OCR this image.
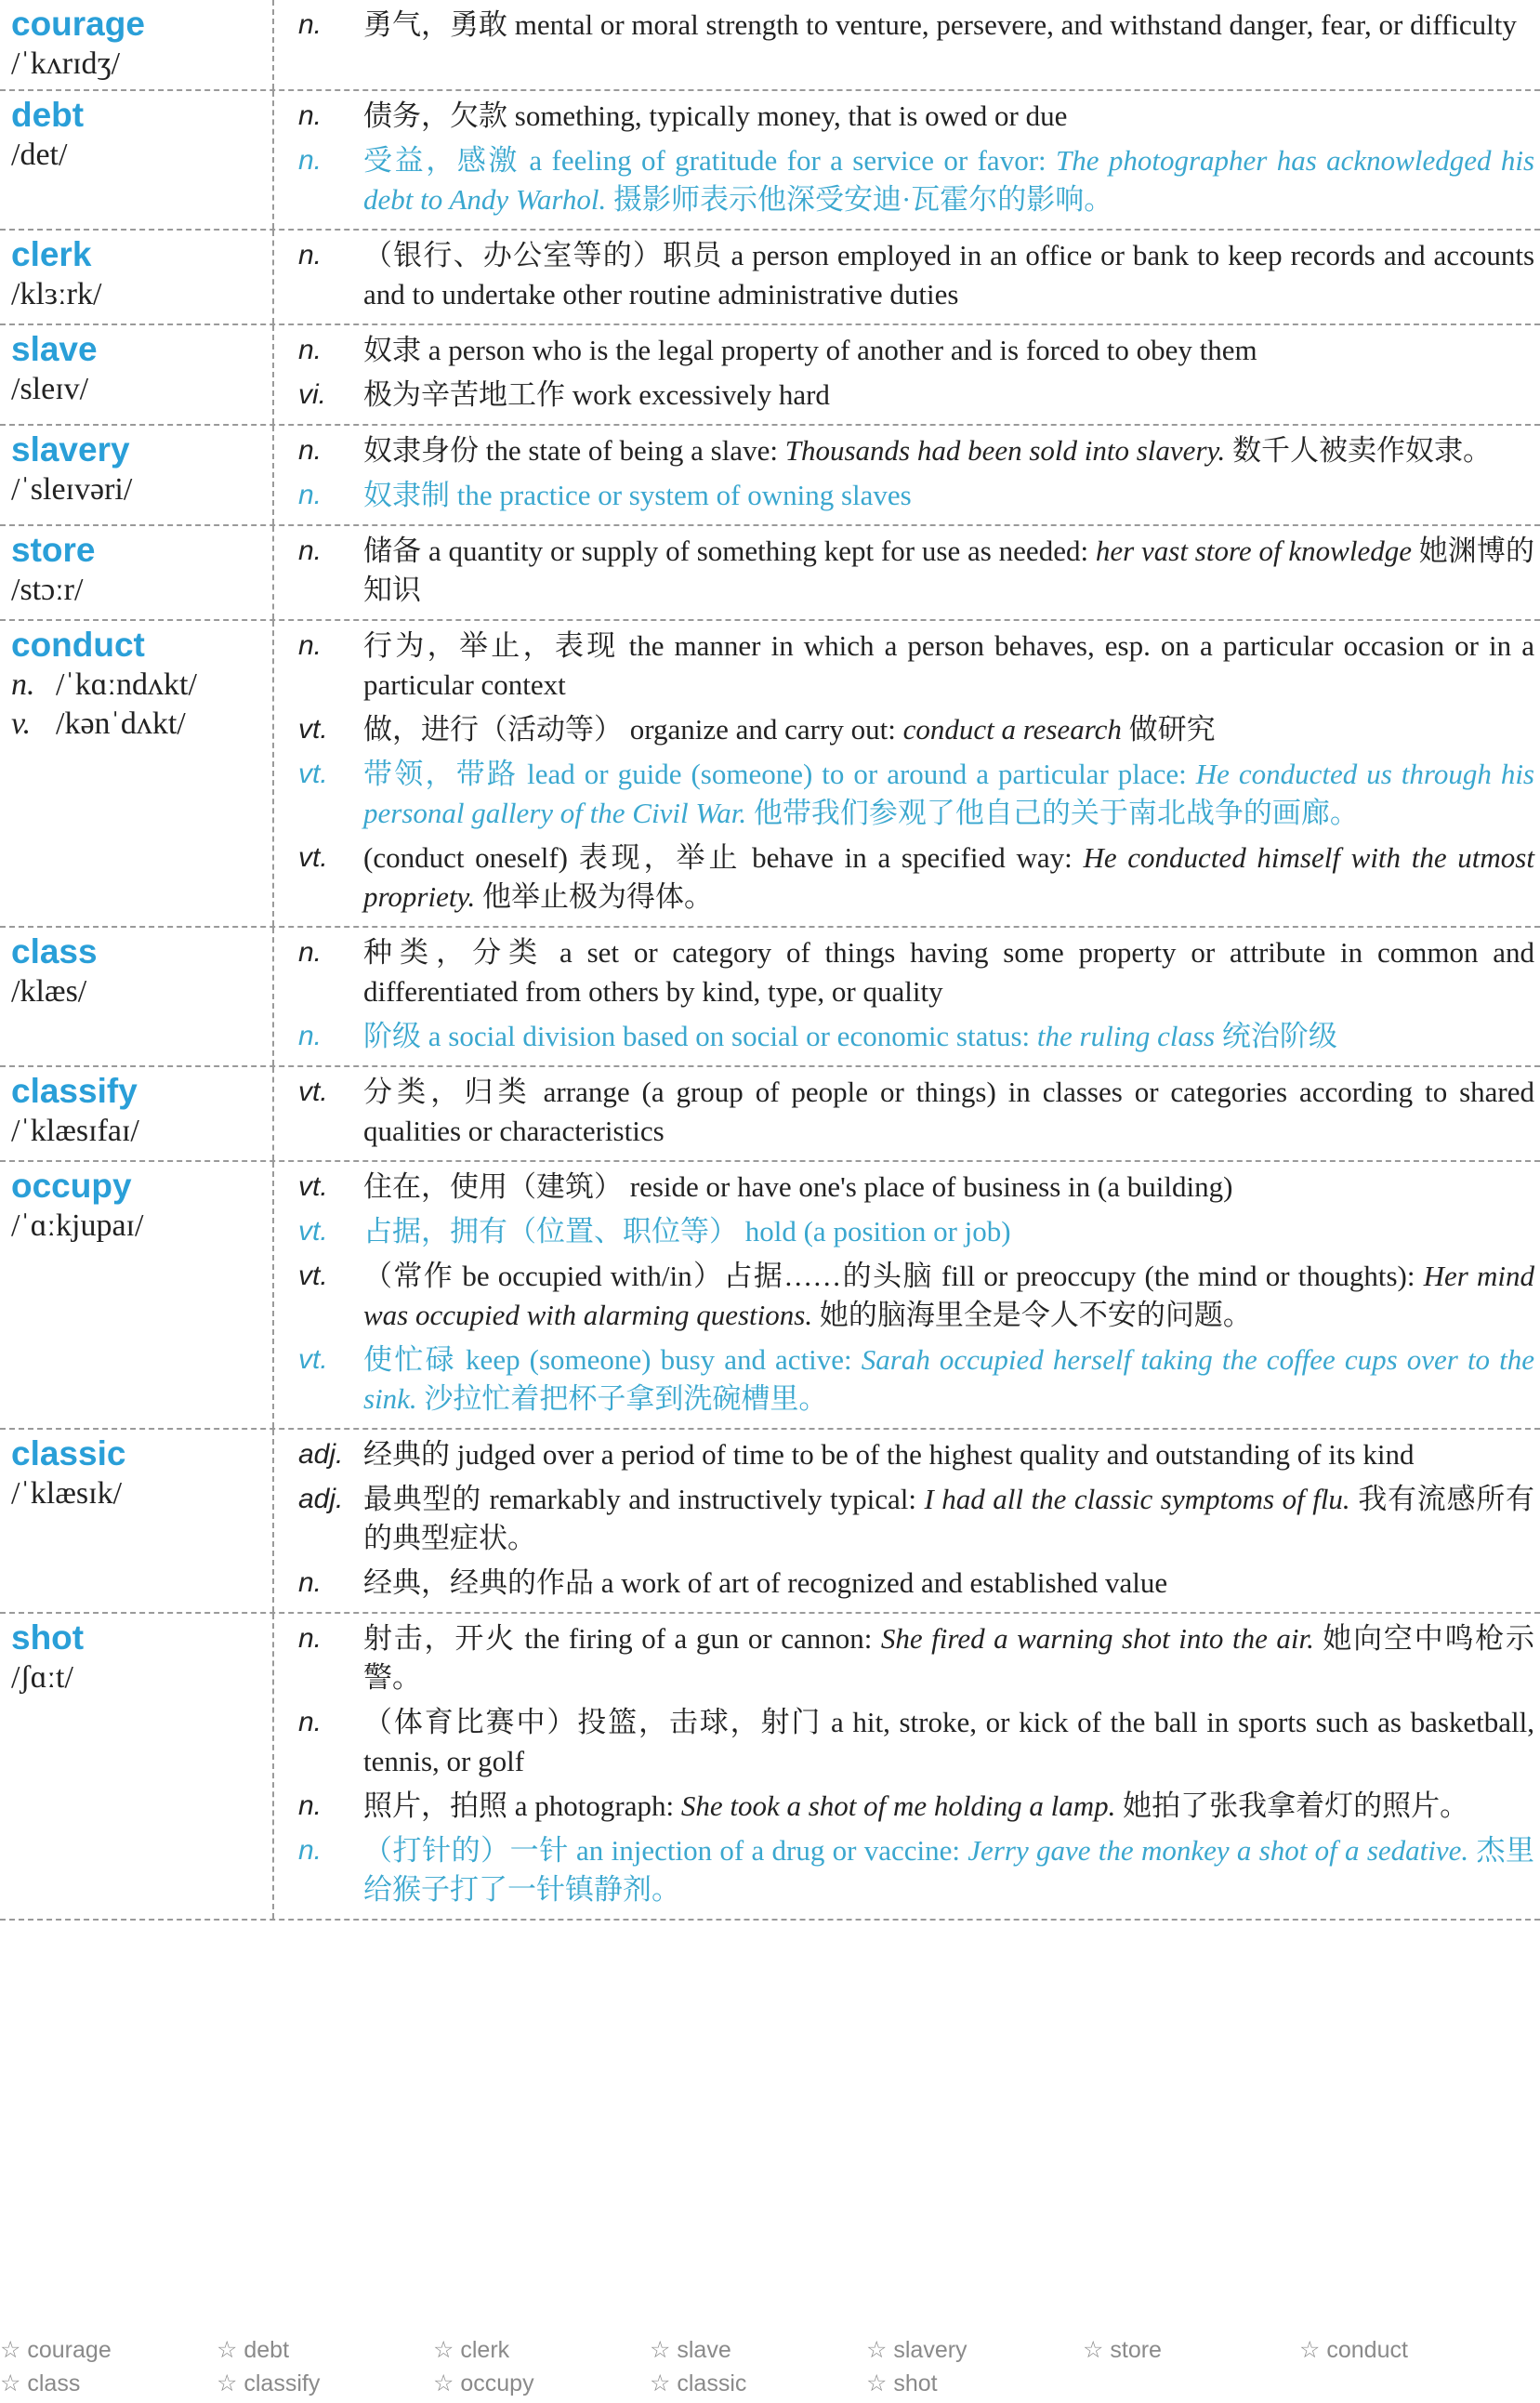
courage
/ˈkʌrɪdʒ/
n.	勇气，勇敢 mental or moral strength to venture, persevere, and withstand danger, fear, or difficulty
debt
/det/
n.	债务，欠款 something, typically money, that is owed or due
n.	受益，感激 a feeling of gratitude for a service or favor: The photographer has acknowledged his debt to Andy Warhol. 摄影师表示他深受安迪·瓦霍尔的影响。
clerk
/klɜːrk/
n.	（银行、办公室等的）职员 a person employed in an office or bank to keep records and accounts and to undertake other routine administrative duties
slave
/sleɪv/
n.	奴隶 a person who is the legal property of another and is forced to obey them
vi.	极为辛苦地工作 work excessively hard
slavery
/ˈsleɪvəri/
n.	奴隶身份 the state of being a slave: Thousands had been sold into slavery. 数千人被卖作奴隶。
n.	奴隶制 the practice or system of owning slaves
store
/stɔːr/
n.	储备 a quantity or supply of something kept for use as needed: her vast store of knowledge 她渊博的知识
conduct
n. /ˈkɑːndʌkt/
v. /kənˈdʌkt/
n.	行为，举止，表现 the manner in which a person behaves, esp. on a particular occasion or in a particular context
vt.	做，进行（活动等） organize and carry out: conduct a research 做研究
vt.	带领，带路 lead or guide (someone) to or around a particular place: He conducted us through his personal gallery of the Civil War. 他带我们参观了他自己的关于南北战争的画廊。
vt.	(conduct oneself) 表现，举止 behave in a specified way: He conducted himself with the utmost propriety. 他举止极为得体。
class
/klæs/
n.	种类，分类 a set or category of things having some property or attribute in common and differentiated from others by kind, type, or quality
n.	阶级 a social division based on social or economic status: the ruling class 统治阶级
classify
/ˈklæsɪfaɪ/
vt.	分类，归类 arrange (a group of people or things) in classes or categories according to shared qualities or characteristics
occupy
/ˈɑːkjupaɪ/
vt.	住在，使用（建筑） reside or have one's place of business in (a building)
vt.	占据，拥有（位置、职位等） hold (a position or job)
vt.	（常作 be occupied with/in）占据……的头脑 fill or preoccupy (the mind or thoughts): Her mind was occupied with alarming questions. 她的脑海里全是令人不安的问题。
vt.	使忙碌 keep (someone) busy and active: Sarah occupied herself taking the coffee cups over to the sink. 沙拉忙着把杯子拿到洗碗槽里。
classic
/ˈklæsɪk/
adj. 经典的 judged over a period of time to be of the highest quality and outstanding of its kind
adj. 最典型的 remarkably and instructively typical: I had all the classic symptoms of flu. 我有流感所有的典型症状。
n.	经典，经典的作品 a work of art of recognized and established value
shot
/ʃɑːt/
n.	射击，开火 the firing of a gun or cannon: She fired a warning shot into the air. 她向空中鸣枪示警。
n.	（体育比赛中）投篮，击球，射门 a hit, stroke, or kick of the ball in sports such as basketball, tennis, or golf
n.	照片，拍照 a photograph: She took a shot of me holding a lamp. 她拍了张我拿着灯的照片。
n.	（打针的）一针 an injection of a drug or vaccine: Jerry gave the monkey a shot of a sedative. 杰里给猴子打了一针镇静剂。
☆ courage	☆ debt	☆ clerk	☆ slave	☆ slavery	☆ store	☆ conduct
☆ class	☆ classify	☆ occupy	☆ classic	☆ shot
